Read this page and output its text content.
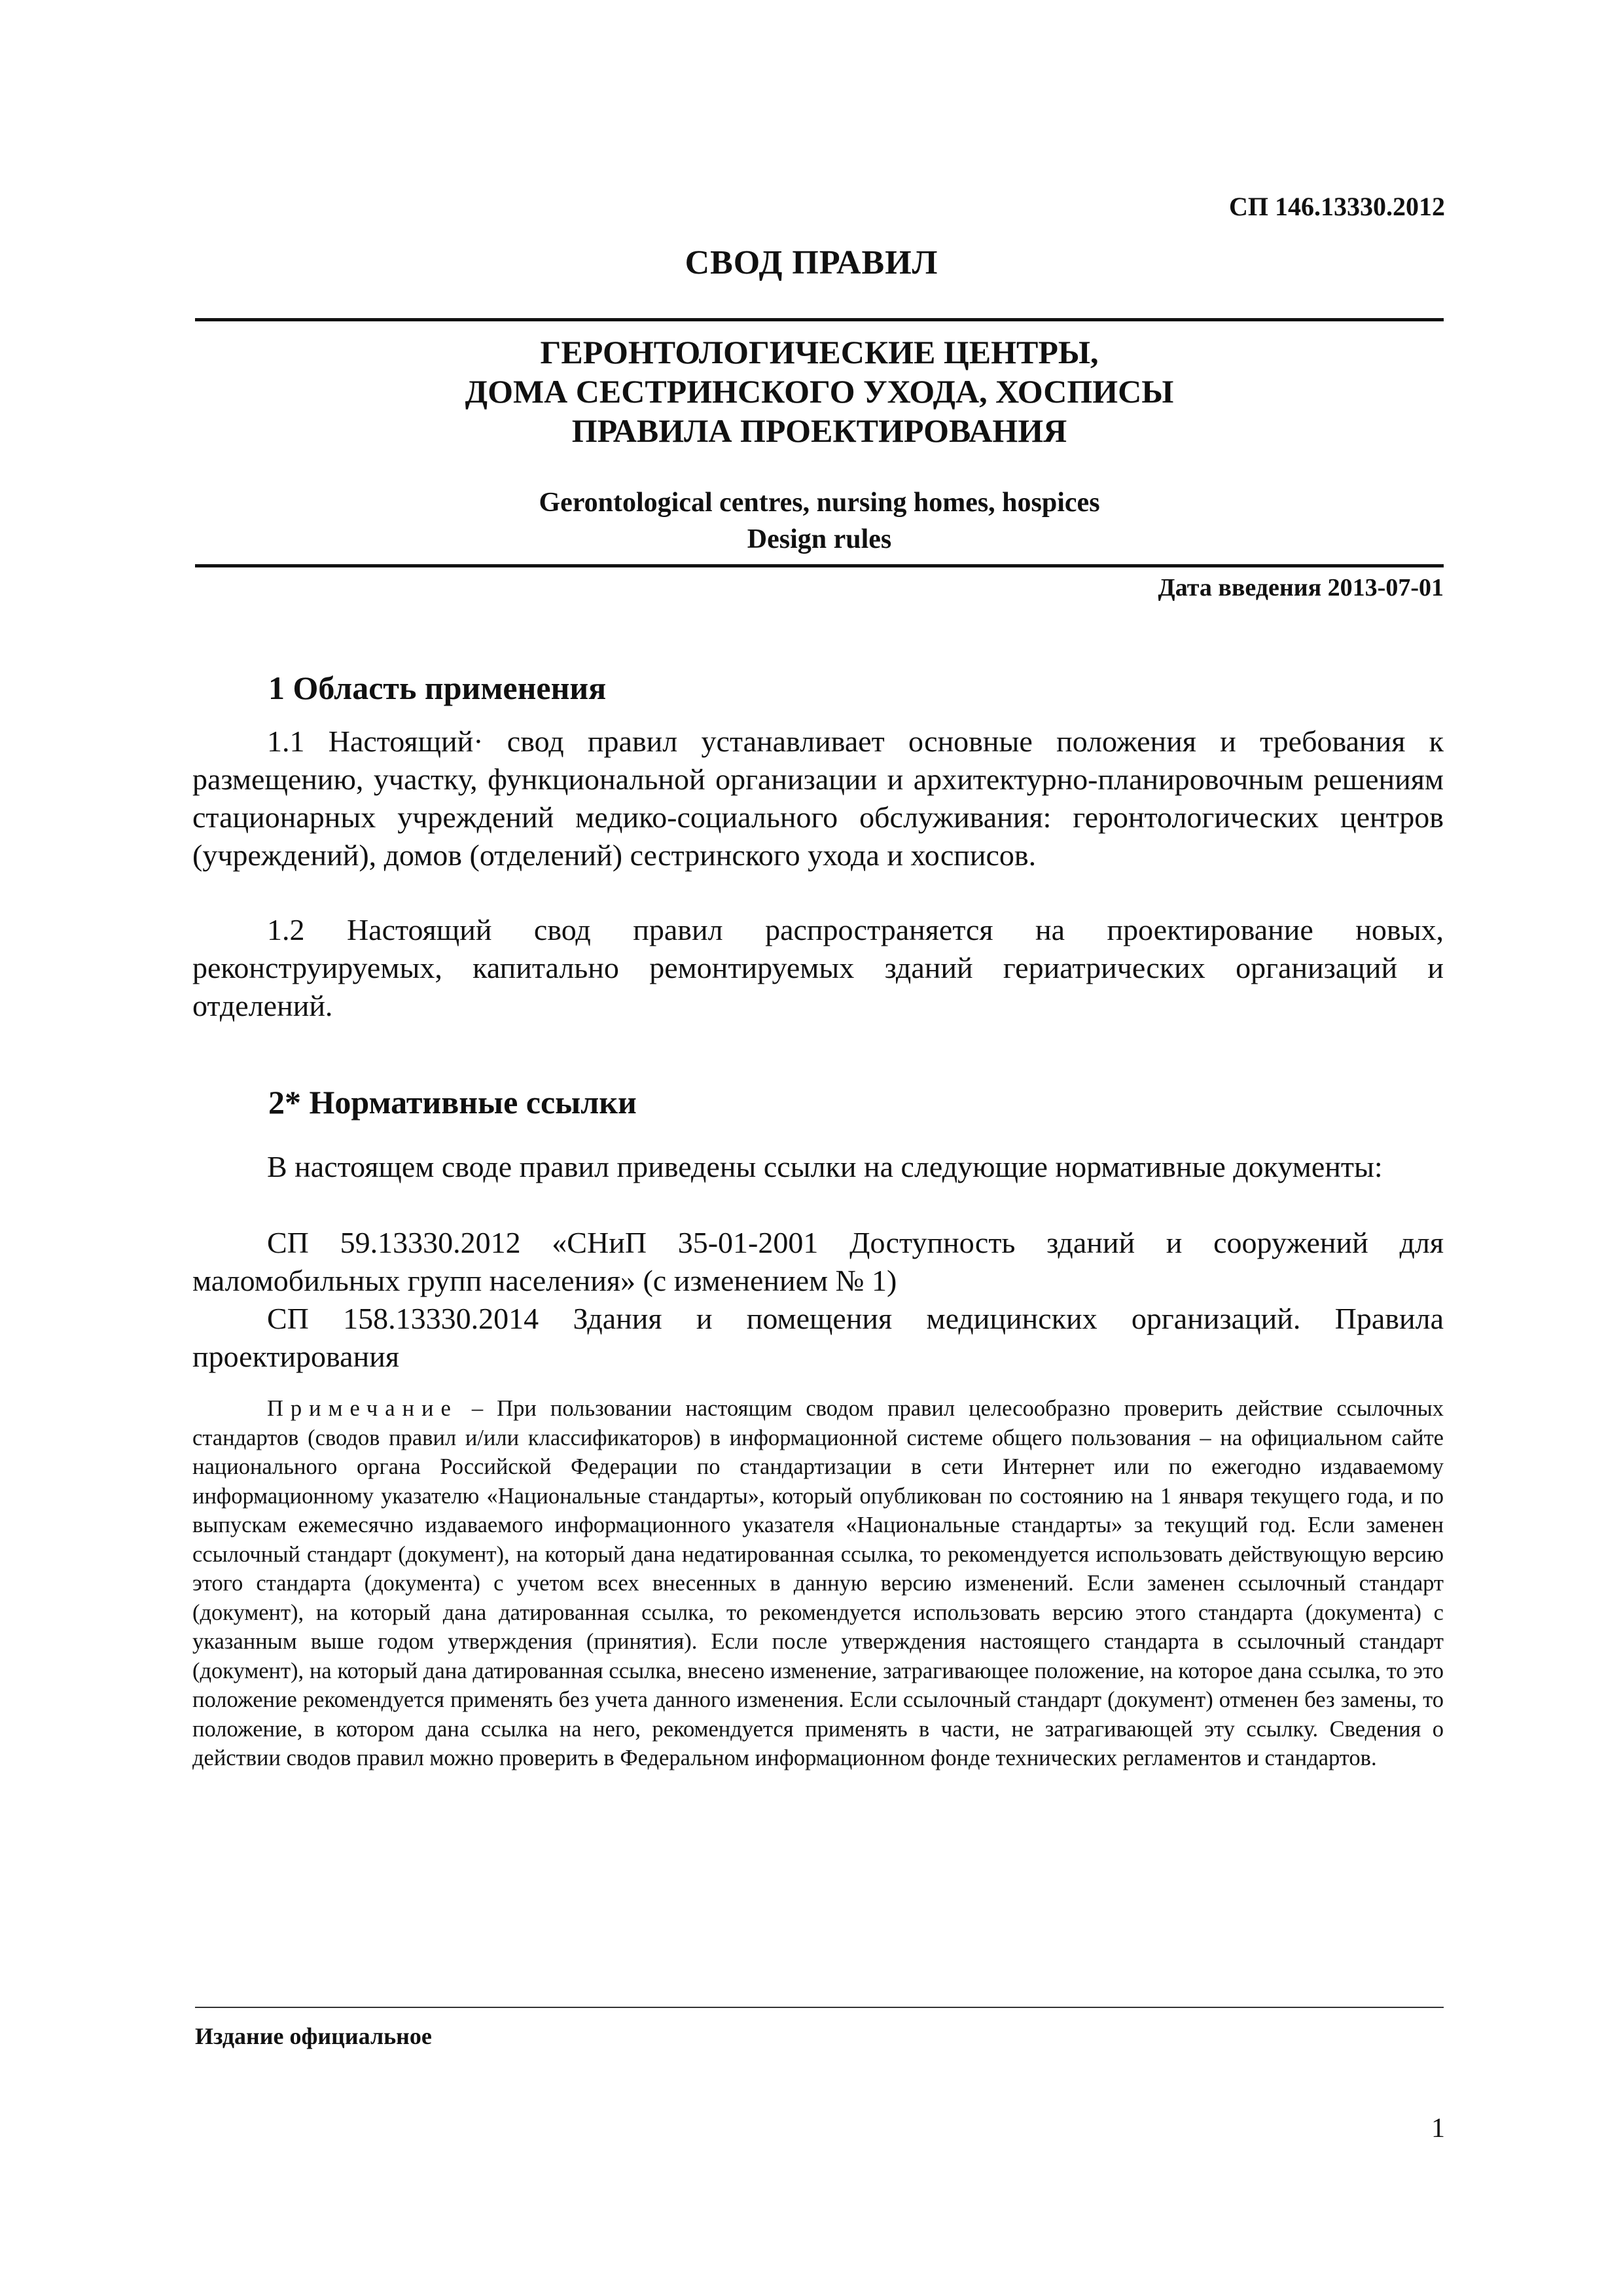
СП 146.13330.2012
СВОД ПРАВИЛ
ГЕРОНТОЛОГИЧЕСКИЕ ЦЕНТРЫ,
ДОМА СЕСТРИНСКОГО УХОДА, ХОСПИСЫ
ПРАВИЛА ПРОЕКТИРОВАНИЯ
Gerontological centres, nursing homes, hospices
Design rules
Дата введения 2013-07-01
1 Область применения
1.1 Настоящий· свод правил устанавливает основные положения и требования к размещению, участку, функциональной организации и архитектурно-планировочным решениям стационарных учреждений медико-социального обслуживания: геронтологических центров (учреждений), домов (отделений) сестринского ухода и хосписов.
1.2 Настоящий свод правил распространяется на проектирование новых, реконструируемых, капитально ремонтируемых зданий гериатрических организаций и отделений.
2* Нормативные ссылки
В настоящем своде правил приведены ссылки на следующие нормативные документы:
СП 59.13330.2012 «СНиП 35-01-2001 Доступность зданий и сооружений для маломобильных групп населения» (с изменением № 1)
СП 158.13330.2014 Здания и помещения медицинских организаций. Правила проектирования
Примечание – При пользовании настоящим сводом правил целесообразно проверить действие ссылочных стандартов (сводов правил и/или классификаторов) в информационной системе общего пользования – на официальном сайте национального органа Российской Федерации по стандартизации в сети Интернет или по ежегодно издаваемому информационному указателю «Национальные стандарты», который опубликован по состоянию на 1 января текущего года, и по выпускам ежемесячно издаваемого информационного указателя «Национальные стандарты» за текущий год. Если заменен ссылочный стандарт (документ), на который дана недатированная ссылка, то рекомендуется использовать действующую версию этого стандарта (документа) с учетом всех внесенных в данную версию изменений. Если заменен ссылочный стандарт (документ), на который дана датированная ссылка, то рекомендуется использовать версию этого стандарта (документа) с указанным выше годом утверждения (принятия). Если после утверждения настоящего стандарта в ссылочный стандарт (документ), на который дана датированная ссылка, внесено изменение, затрагивающее положение, на которое дана ссылка, то это положение рекомендуется применять без учета данного изменения. Если ссылочный стандарт (документ) отменен без замены, то положение, в котором дана ссылка на него, рекомендуется применять в части, не затрагивающей эту ссылку. Сведения о действии сводов правил можно проверить в Федеральном информационном фонде технических регламентов и стандартов.
Издание официальное
1
